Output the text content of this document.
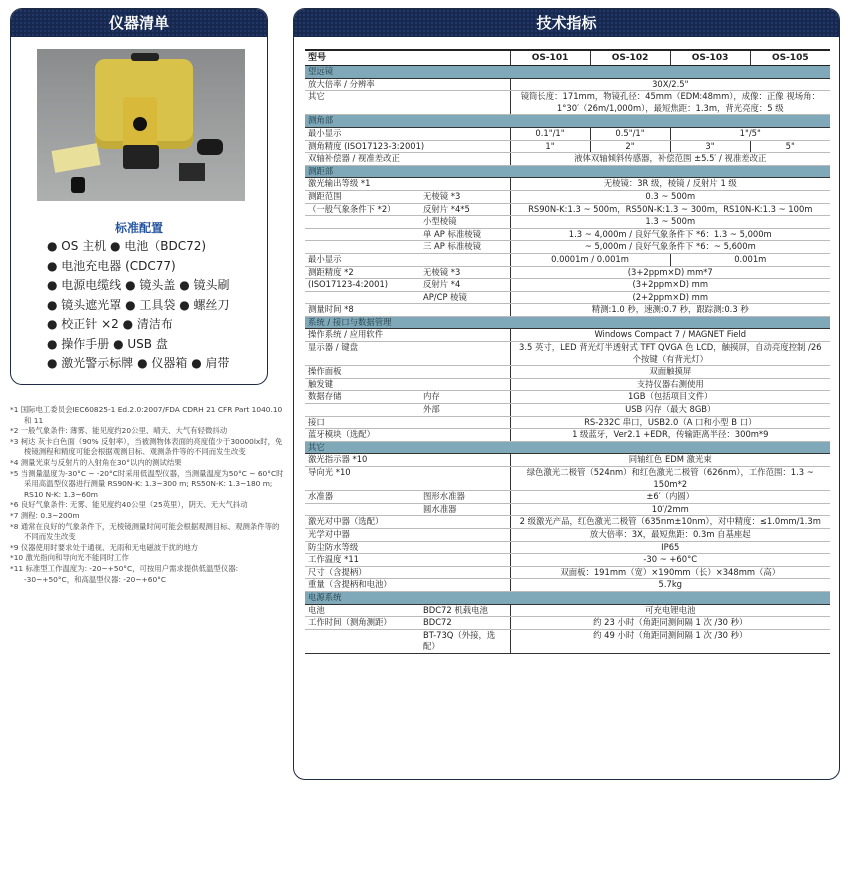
仪器清单
标准配置
● OS 主机 ● 电池（BDC72)
● 电池充电器 (CDC77)
● 电源电缆线 ● 镜头盖 ● 镜头刷
● 镜头遮光罩 ● 工具袋 ● 螺丝刀
● 校正针 ×2 ● 清洁布
● 操作手册 ● USB 盘
● 激光警示标牌 ● 仪器箱 ● 肩带
*1 国际电工委员会IEC60825-1 Ed.2.0:2007/FDA CDRH 21 CFR Part 1040.10 和 11
*2 一般气象条件: 薄雾、能见度约20公里、晴天、大气有轻微抖动
*3 柯达 灰卡白色面（90% 反射率），当被测物体表面的亮度值少于30000lx时，免棱镜测程和精度可能会根据观测目标、观测条件等的不同而发生改变
*4 测量光束与反射片的入射角在30°以内的测试结果
*5 当测量温度为-30°C ~ -20°C时采用低温型仪器，当测量温度为50°C ~ 60°C时采用高温型仪器进行测量 RS90N-K: 1.3~300 m; RS50N-K: 1.3~180 m; RS10 N-K: 1.3~60m
*6 良好气象条件: 无雾、能见度约40公里（25英里），阴天、无大气抖动
*7 测程: 0.3~200m
*8 通常在良好的气象条件下，无棱镜测量时间可能会根据观测目标、观测条件等的不同而发生改变
*9 仪器使用时要求处于通视、无雨和无电磁波干扰的地方
*10 激光指向和导向光不能同时工作
*11 标准型工作温度为: -20~+50°C，可按用户需求提供低温型仪器: -30~+50°C，和高温型仪器: -20~+60°C
技术指标
型号		OS-101	OS-102	OS-103	OS-105
望远镜					
放大倍率 / 分辨率		30X/2.5"			
其它		镜筒长度：171mm，物镜孔径：45mm（EDM:48mm），成像：正像 视场角：1°30′（26m/1,000m），最短焦距：1.3m，背光亮度：5 级			
测角部					
最小显示		0.1"/1"	0.5"/1"	1"/5"	
测角精度 (ISO17123-3:2001)		1"	2"	3"	5"
双轴补偿器 / 视准差改正		液体双轴倾斜传感器，补偿范围 ±5.5′ / 视准差改正			
测距部					
激光输出等级 *1		无棱镜：3R 级，棱镜 / 反射片 1 级			
测距范围	无棱镜 *3	0.3 ~ 500m			
（一般气象条件下 *2）	反射片 *4*5	RS90N-K:1.3 ~ 500m，RS50N-K:1.3 ~ 300m，RS10N-K:1.3 ~ 100m			
	小型棱镜	1.3 ~ 500m			
	单 AP 标准棱镜	1.3 ~ 4,000m / 良好气象条件下 *6：1.3 ~ 5,000m			
	三 AP 标准棱镜	~ 5,000m / 良好气象条件下 *6：~ 5,600m			
最小显示		0.0001m / 0.001m		0.001m	
测距精度 *2	无棱镜 *3	(3+2ppm×D) mm*7			
(ISO17123-4:2001)	反射片 *4	(3+2ppm×D) mm			
	AP/CP 棱镜	(2+2ppm×D) mm			
测量时间 *8		精测:1.0 秒，速测:0.7 秒，跟踪测:0.3 秒			
系统 / 接口与数据管理					
操作系统 / 应用软件		Windows Compact 7 / MAGNET Field			
显示器 / 键盘		3.5 英寸，LED 背光灯半透射式 TFT QVGA 色 LCD，触摸屏，自动亮度控制 /26 个按键（有背光灯）			
操作面板		双面触摸屏			
触发键		支持仪器右测使用			
数据存储	内存	1GB（包括项目文件）			
	外部	USB 闪存（最大 8GB）			
接口		RS-232C 串口，USB2.0（A 口和小型 B 口）			
蓝牙模块（选配）		1 级蓝牙，Ver2.1 +EDR，传输距离半径：300m*9			
其它					
激光指示器 *10		同轴红色 EDM 激光束			
导向光 *10		绿色激光二极管（524nm）和红色激光二极管（626nm），工作范围：1.3 ~ 150m*2			
水准器	图形水准器	±6′（内圆）			
	圆水准器	10′/2mm			
激光对中器（选配）		2 级激光产品，红色激光二极管（635nm±10nm），对中精度：≤1.0mm/1.3m			
光学对中器		放大倍率：3X，最短焦距：0.3m 自基座起			
防尘防水等级		IP65			
工作温度 *11		-30 ~ +60°C			
尺寸（含提柄）		双面板：191mm（宽）×190mm（长）×348mm（高）			
重量（含提柄和电池）		5.7kg			
电源系统					
电池	BDC72 机载电池	可充电锂电池			
工作时间（测角测距）	BDC72	约 23 小时（角距同测间隔 1 次 /30 秒）			
	BT-73Q（外接，选配）	约 49 小时（角距同测间隔 1 次 /30 秒）			
